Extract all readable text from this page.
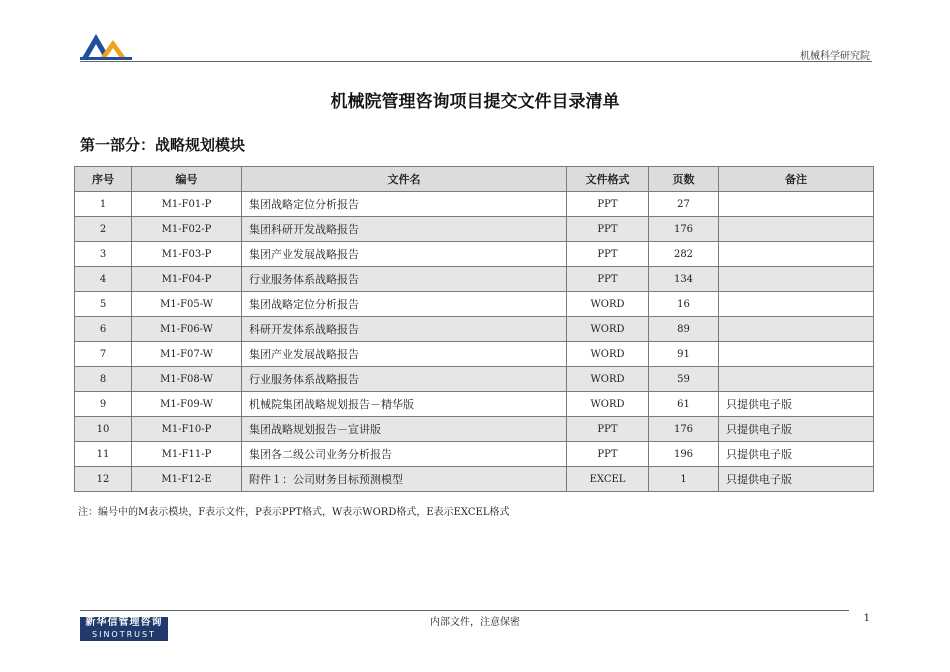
机械科学研究院
机械院管理咨询项目提交文件目录清单
第一部分：战略规划模块
序号	编号	文件名	文件格式	页数	备注
1	M1-F01-P	集团战略定位分析报告	PPT	27	
2	M1-F02-P	集团科研开发战略报告	PPT	176	
3	M1-F03-P	集团产业发展战略报告	PPT	282	
4	M1-F04-P	行业服务体系战略报告	PPT	134	
5	M1-F05-W	集团战略定位分析报告	WORD	16	
6	M1-F06-W	科研开发体系战略报告	WORD	89	
7	M1-F07-W	集团产业发展战略报告	WORD	91	
8	M1-F08-W	行业服务体系战略报告	WORD	59	
9	M1-F09-W	机械院集团战略规划报告－精华版	WORD	61	只提供电子版
10	M1-F10-P	集团战略规划报告－宣讲版	PPT	176	只提供电子版
11	M1-F11-P	集团各二级公司业务分析报告	PPT	196	只提供电子版
12	M1-F12-E	附件１：公司财务目标预测模型	EXCEL	1	只提供电子版
注：编号中的M表示模块，F表示文件，P表示PPT格式，W表示WORD格式，E表示EXCEL格式
新华信管理咨询
SINOTRUST
内部文件，注意保密	1
